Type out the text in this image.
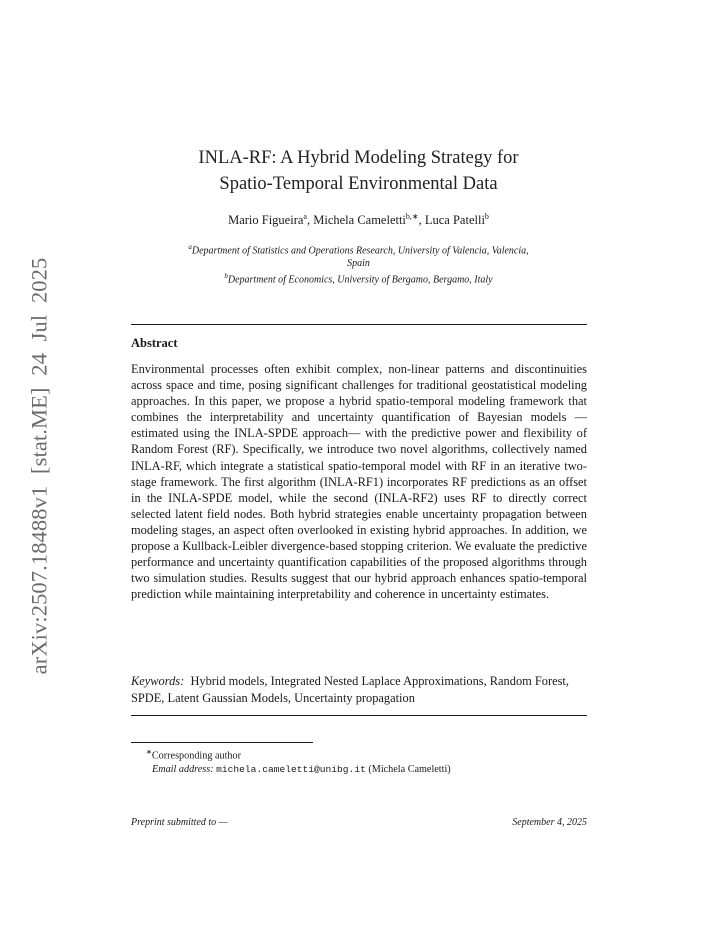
arXiv:2507.18488v1 [stat.ME] 24 Jul 2025
INLA-RF: A Hybrid Modeling Strategy for
Spatio-Temporal Environmental Data
Mario Figueira$^a$, Michela Cameletti$^{b,∗}$, Luca Patelli$^b$
$^a$Department of Statistics and Operations Research, University of Valencia, Valencia, Spain
$^b$Department of Economics, University of Bergamo, Bergamo, Italy
Abstract

Environmental processes often exhibit complex, non-linear patterns and discontinuities across space and time, posing significant challenges for traditional geostatistical modeling approaches. In this paper, we propose a hybrid spatio-temporal modeling framework that combines the interpretability and uncertainty quantification of Bayesian models —estimated using the INLA-SPDE approach— with the predictive power and flexibility of Random Forest (RF). Specifically, we introduce two novel algorithms, collectively named INLA-RF, which integrate a statistical spatio-temporal model with RF in an iterative two-stage framework. The first algorithm (INLA-RF1) incorporates RF predictions as an offset in the INLA-SPDE model, while the second (INLA-RF2) uses RF to directly correct selected latent field nodes. Both hybrid strategies enable uncertainty propagation between modeling stages, an aspect often overlooked in existing hybrid approaches. In addition, we propose a Kullback-Leibler divergence-based stopping criterion. We evaluate the predictive performance and uncertainty quantification capabilities of the proposed algorithms through two simulation studies. Results suggest that our hybrid approach enhances spatio-temporal prediction while maintaining interpretability and coherence in uncertainty estimates.

Keywords: Hybrid models, Integrated Nested Laplace Approximations, Random Forest, SPDE, Latent Gaussian Models, Uncertainty propagation

∗Corresponding author
Email address: michela.cameletti@unibg.it (Michela Cameletti)
Preprint submitted to —	September 4, 2025
